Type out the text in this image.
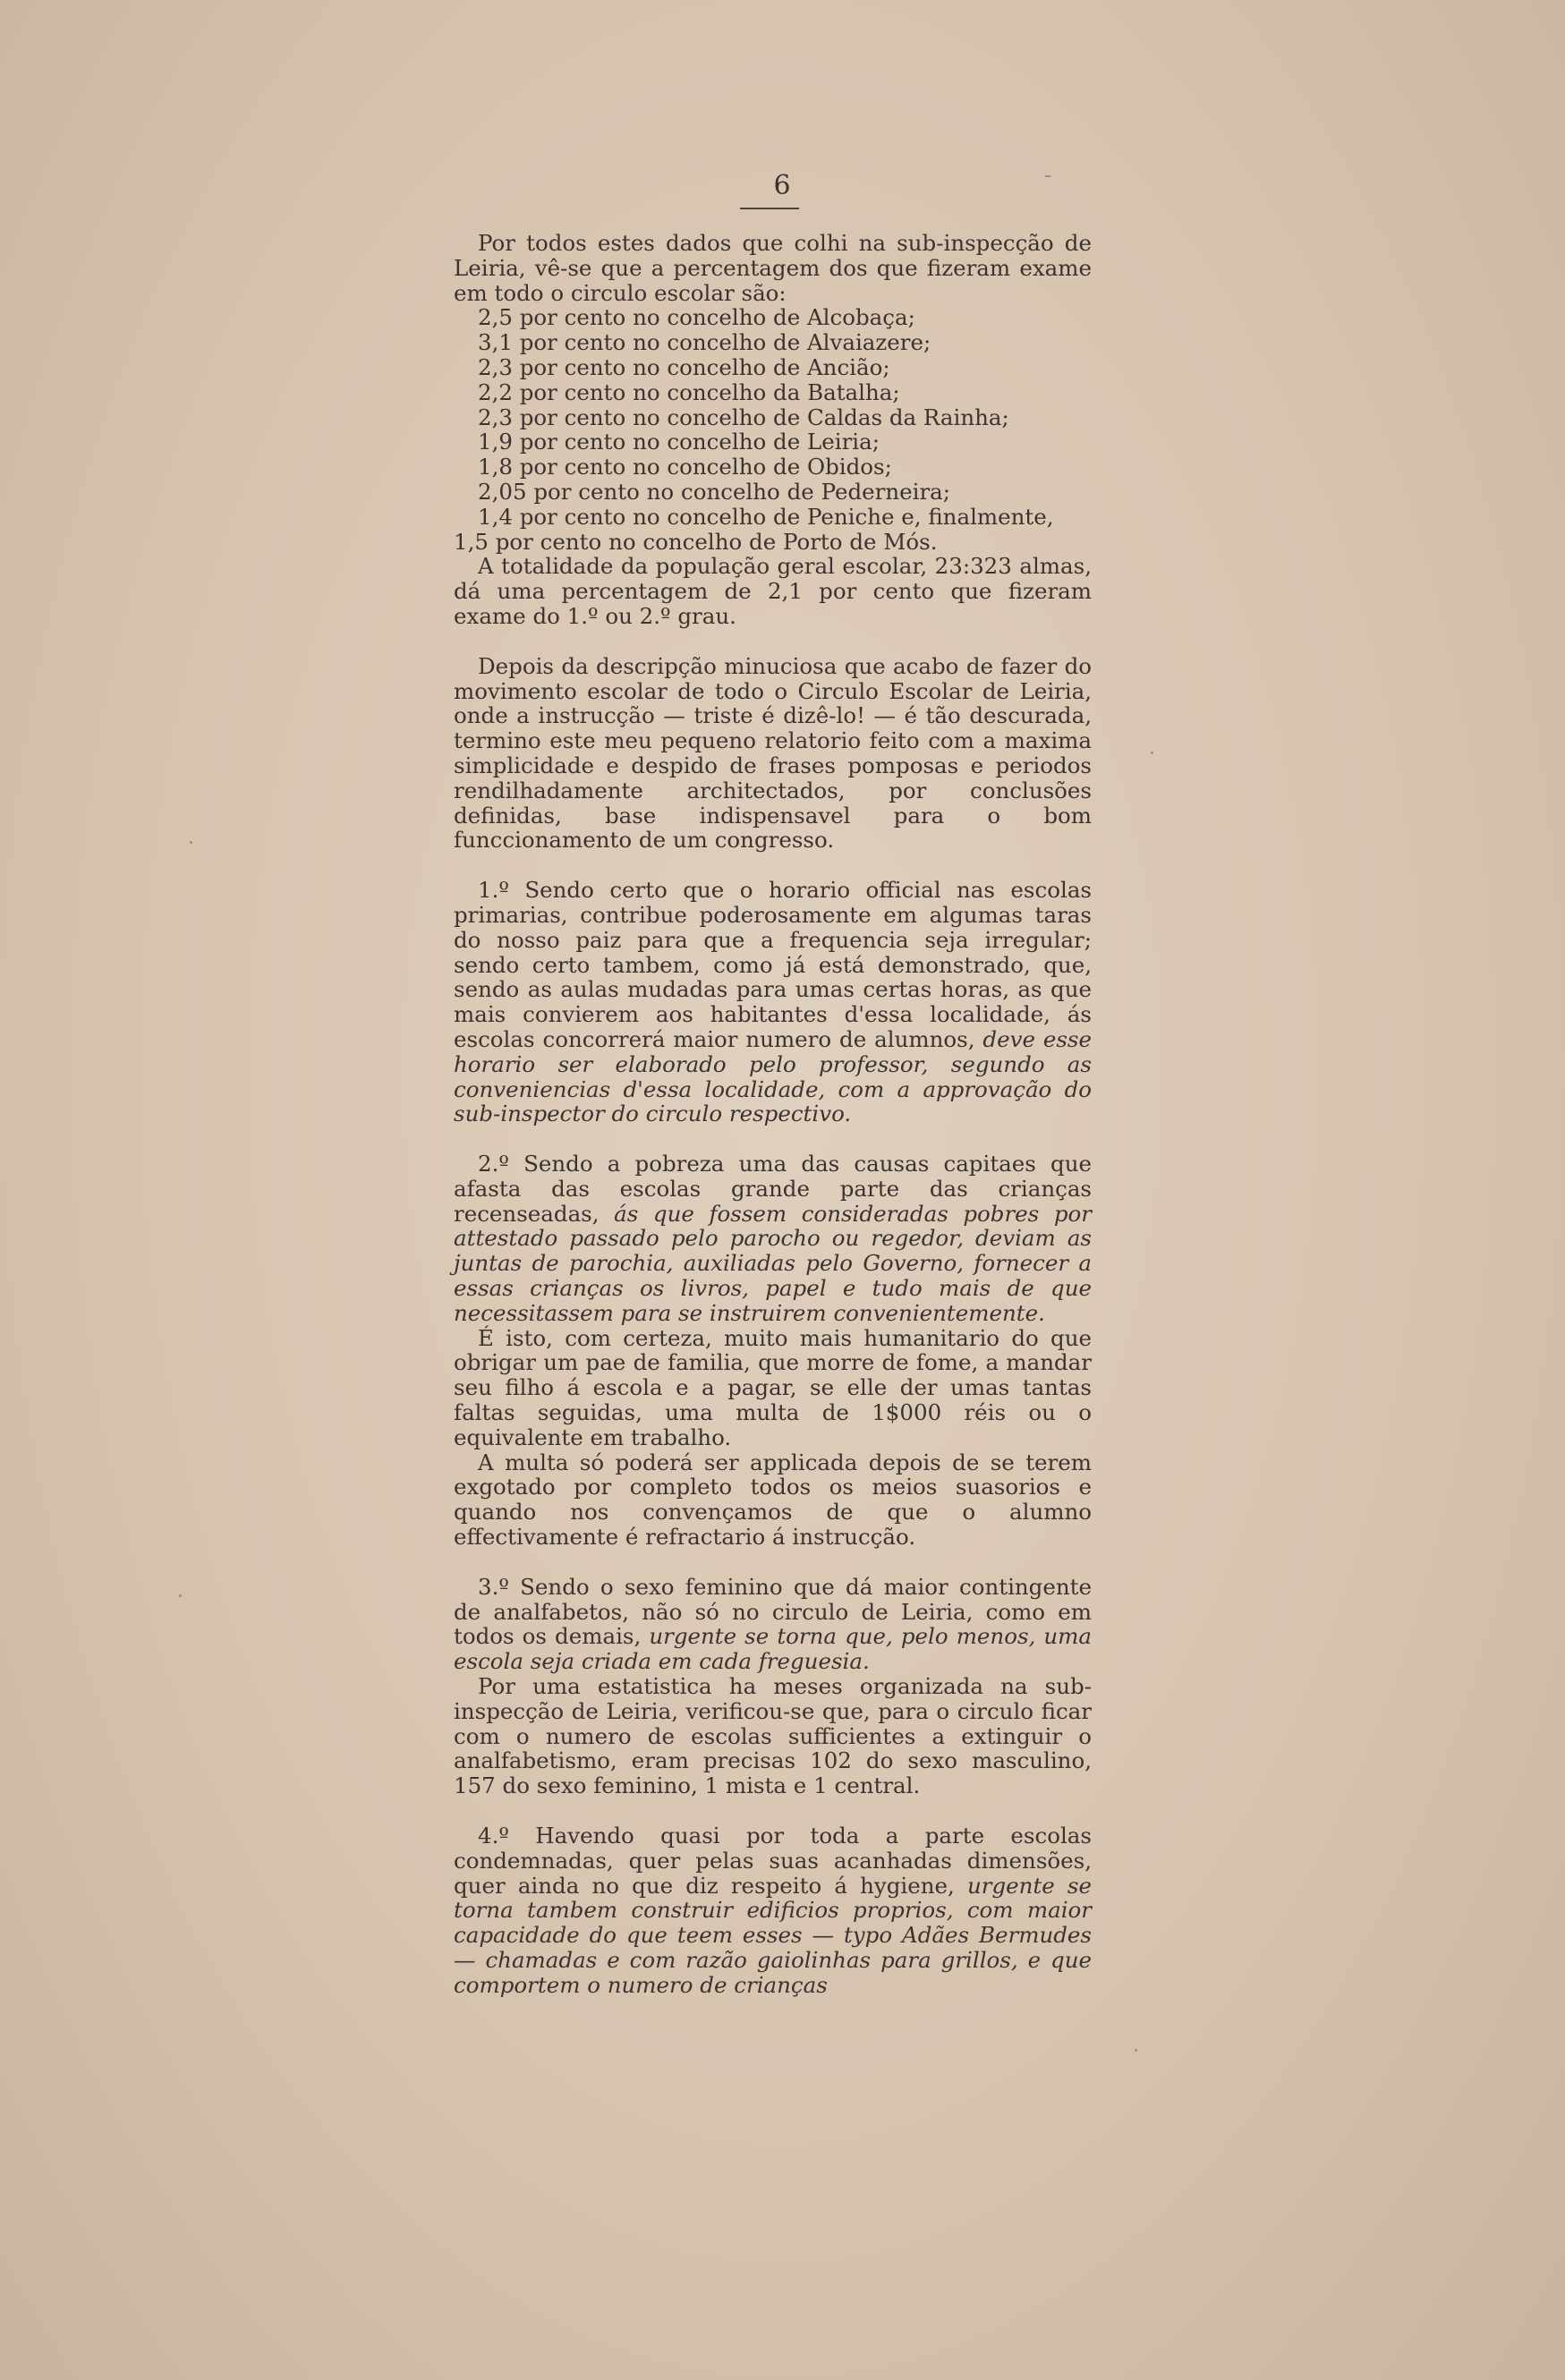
6

Por todos estes dados que colhi na sub-inspecção de Leiria, vê-se que a percentagem dos que fizeram exame em todo o circulo escolar são:

2,5 por cento no concelho de Alcobaça;
3,1 por cento no concelho de Alvaiazere;
2,3 por cento no concelho de Ancião;
2,2 por cento no concelho da Batalha;
2,3 por cento no concelho de Caldas da Rainha;
1,9 por cento no concelho de Leiria;
1,8 por cento no concelho de Obidos;
2,05 por cento no concelho de Pederneira;
1,4 por cento no concelho de Peniche e, finalmente,

1,5 por cento no concelho de Porto de Mós.

A totalidade da população geral escolar, 23:323 almas, dá uma percentagem de 2,1 por cento que fizeram exame do 1.º ou 2.º grau.

Depois da descripção minuciosa que acabo de fazer do movimento escolar de todo o Circulo Escolar de Leiria, onde a instrucção — triste é dizê-lo! — é tão descurada, termino este meu pequeno relatorio feito com a maxima simplicidade e despido de frases pomposas e periodos rendilhadamente architectados, por conclusões definidas, base indispensavel para o bom funccionamento de um congresso.

1.º Sendo certo que o horario official nas escolas primarias, contribue poderosamente em algumas taras do nosso paiz para que a frequencia seja irregular; sendo certo tambem, como já está demonstrado, que, sendo as aulas mudadas para umas certas horas, as que mais convierem aos habitantes d'essa localidade, ás escolas concorrerá maior numero de alumnos, deve esse horario ser elaborado pelo professor, segundo as conveniencias d'essa localidade, com a approvação do sub-inspector do circulo respectivo.

2.º Sendo a pobreza uma das causas capitaes que afasta das escolas grande parte das crianças recenseadas, ás que fossem consideradas pobres por attestado passado pelo parocho ou regedor, deviam as juntas de parochia, auxiliadas pelo Governo, fornecer a essas crianças os livros, papel e tudo mais de que necessitassem para se instruirem convenientemente.

É isto, com certeza, muito mais humanitario do que obrigar um pae de familia, que morre de fome, a mandar seu filho á escola e a pagar, se elle der umas tantas faltas seguidas, uma multa de 1$000 réis ou o equivalente em trabalho.

A multa só poderá ser applicada depois de se terem exgotado por completo todos os meios suasorios e quando nos convençamos de que o alumno effectivamente é refractario á instrucção.

3.º Sendo o sexo feminino que dá maior contingente de analfabetos, não só no circulo de Leiria, como em todos os demais, urgente se torna que, pelo menos, uma escola seja criada em cada freguesia.

Por uma estatistica ha meses organizada na sub-inspecção de Leiria, verificou-se que, para o circulo ficar com o numero de escolas sufficientes a extinguir o analfabetismo, eram precisas 102 do sexo masculino, 157 do sexo feminino, 1 mista e 1 central.

4.º Havendo quasi por toda a parte escolas condemnadas, quer pelas suas acanhadas dimensões, quer ainda no que diz respeito á hygiene, urgente se torna tambem construir edificios proprios, com maior capacidade do que teem esses — typo Adães Bermudes — chamadas e com razão gaiolinhas para grillos, e que comportem o numero de crianças
